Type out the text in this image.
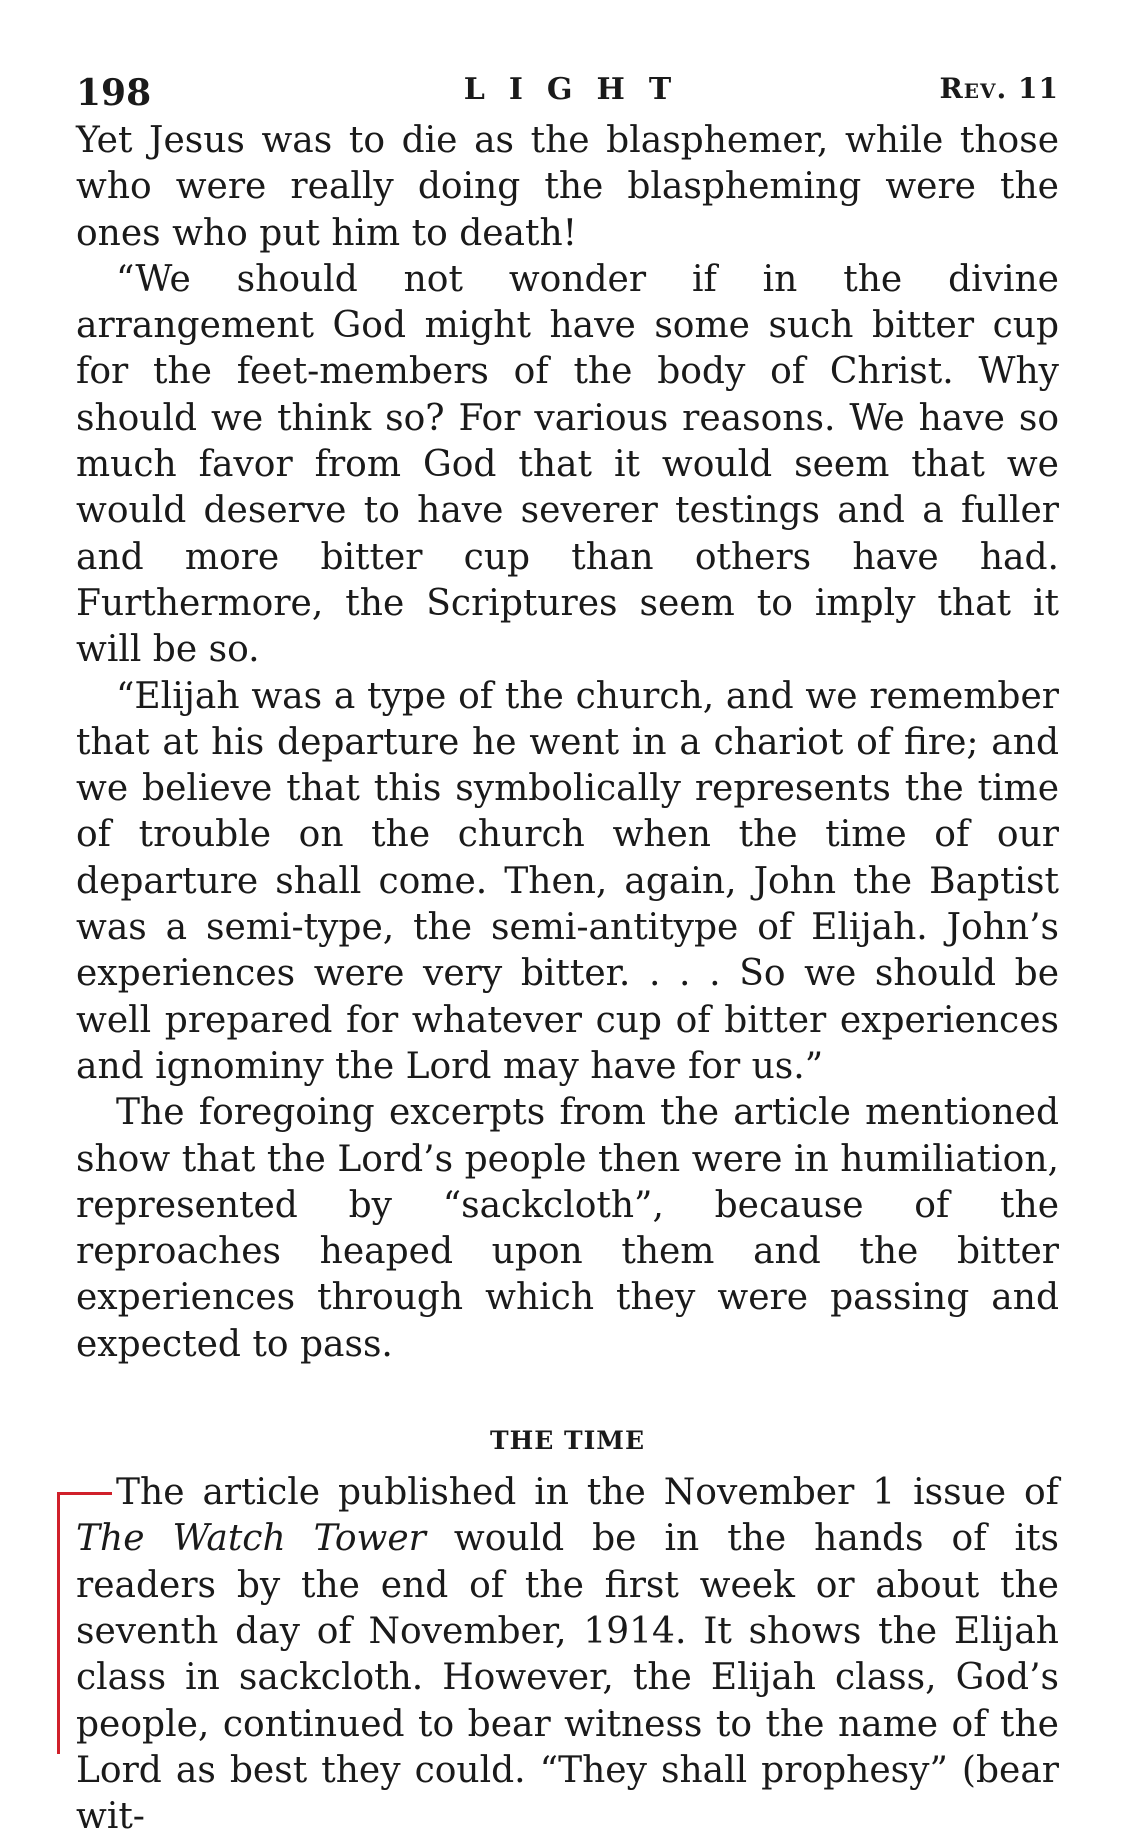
198	LIGHT	Rev. 11

Yet Jesus was to die as the blasphemer, while those who were really doing the blaspheming were the ones who put him to death!

“We should not wonder if in the divine arrangement God might have some such bitter cup for the feet-members of the body of Christ. Why should we think so? For various reasons. We have so much favor from God that it would seem that we would deserve to have severer testings and a fuller and more bitter cup than others have had. Furthermore, the Scriptures seem to imply that it will be so.

“Elijah was a type of the church, and we remember that at his departure he went in a chariot of fire; and we believe that this symbolically represents the time of trouble on the church when the time of our departure shall come. Then, again, John the Baptist was a semi-type, the semi-antitype of Elijah. John’s experiences were very bitter. . . . So we should be well prepared for whatever cup of bitter experiences and ignominy the Lord may have for us.”

The foregoing excerpts from the article mentioned show that the Lord’s people then were in humiliation, represented by “sackcloth”, because of the reproaches heaped upon them and the bitter experiences through which they were passing and expected to pass.

THE TIME

The article published in the November 1 issue of The Watch Tower would be in the hands of its readers by the end of the first week or about the seventh day of November, 1914. It shows the Elijah class in sackcloth. However, the Elijah class, God’s people, continued to bear witness to the name of the Lord as best they could. “They shall prophesy” (bear wit-
